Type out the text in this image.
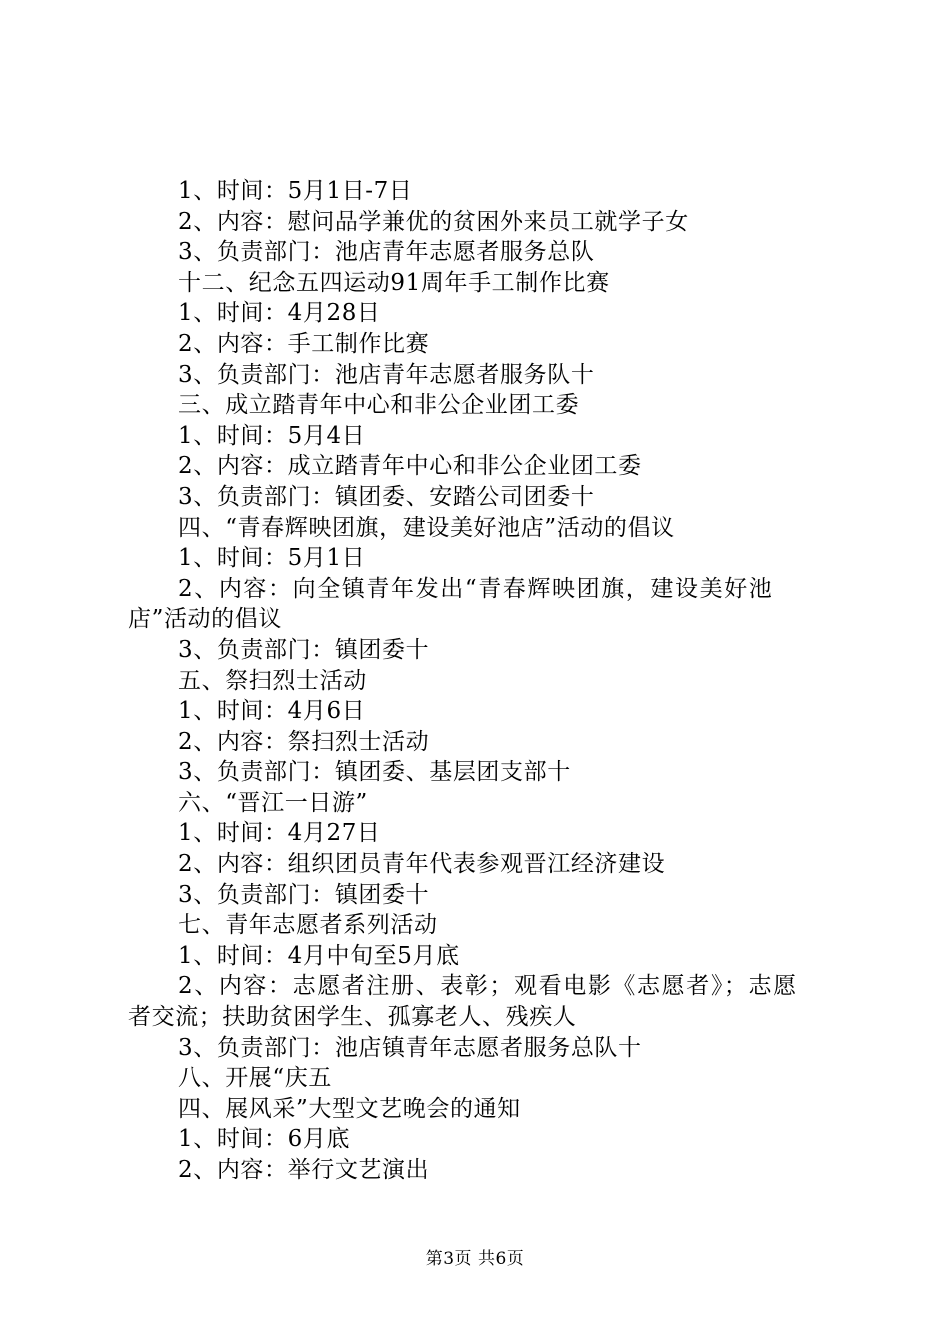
1、时间：5月1日-7日
2、内容：慰问品学兼优的贫困外来员工就学子女
3、负责部门：池店青年志愿者服务总队
十二、纪念五四运动91周年手工制作比赛
1、时间：4月28日
2、内容：手工制作比赛
3、负责部门：池店青年志愿者服务队十
三、成立踏青年中心和非公企业团工委
1、时间：5月4日
2、内容：成立踏青年中心和非公企业团工委
3、负责部门：镇团委、安踏公司团委十
四、“青春辉映团旗，建设美好池店”活动的倡议
1、时间：5月1日
2、内容：向全镇青年发出“青春辉映团旗，建设美好池
店”活动的倡议
3、负责部门：镇团委十
五、祭扫烈士活动
1、时间：4月6日
2、内容：祭扫烈士活动
3、负责部门：镇团委、基层团支部十
六、“晋江一日游”
1、时间：4月27日
2、内容：组织团员青年代表参观晋江经济建设
3、负责部门：镇团委十
七、青年志愿者系列活动
1、时间：4月中旬至5月底
2、内容：志愿者注册、表彰；观看电影《志愿者》；志愿
者交流；扶助贫困学生、孤寡老人、残疾人
3、负责部门：池店镇青年志愿者服务总队十
八、开展“庆五
四、展风采”大型文艺晚会的通知
1、时间：6月底
2、内容：举行文艺演出
第3页 共6页
